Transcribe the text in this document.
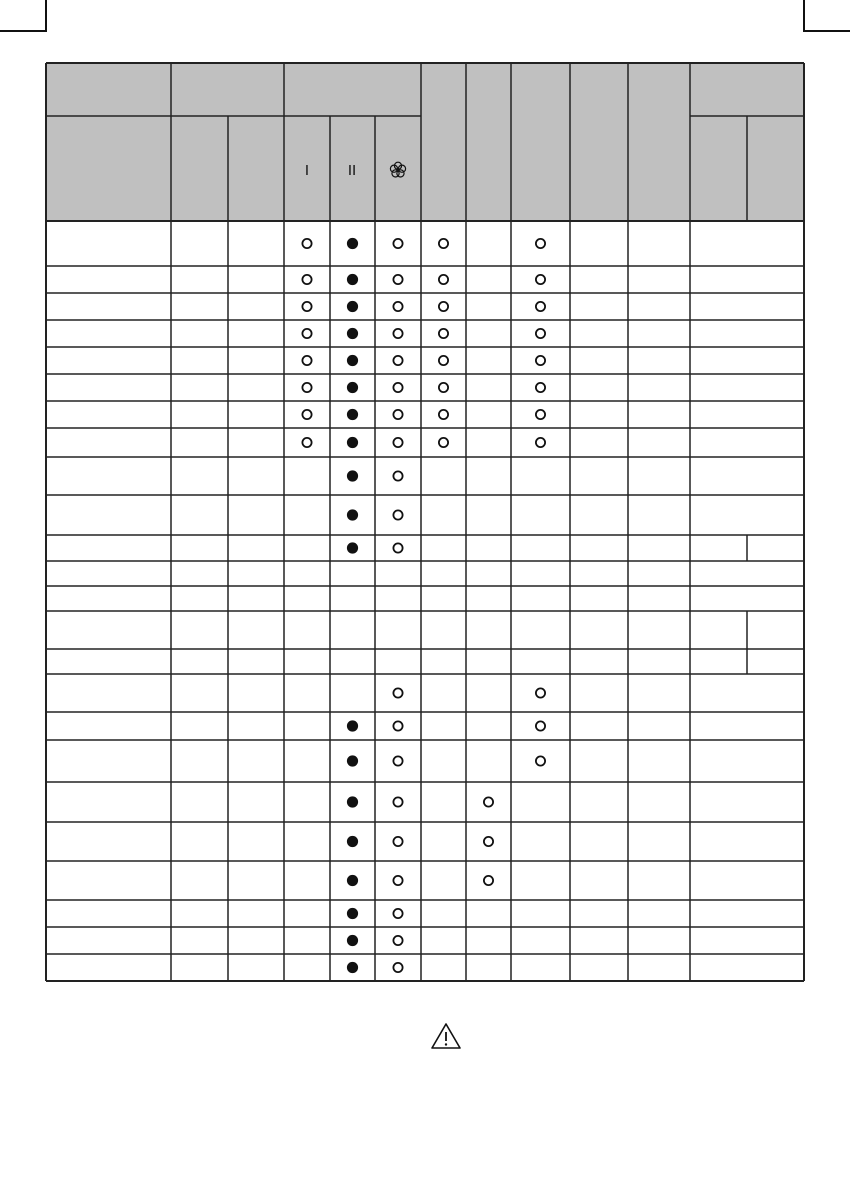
I	II
